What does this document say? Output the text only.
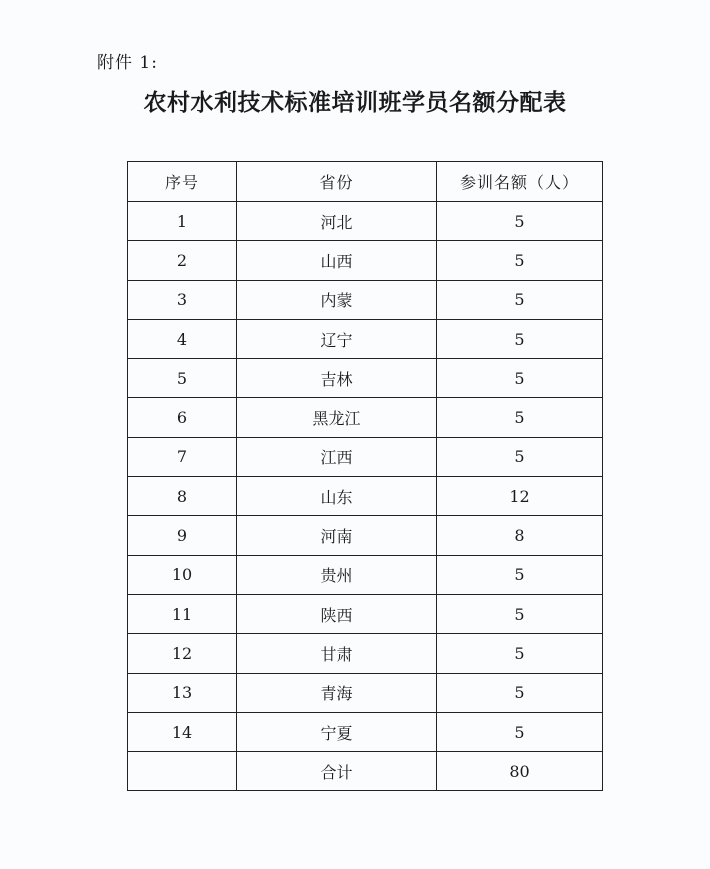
附件 1:
农村水利技术标准培训班学员名额分配表
序号	省份	参训名额（人）
1	河北	5
2	山西	5
3	内蒙	5
4	辽宁	5
5	吉林	5
6	黑龙江	5
7	江西	5
8	山东	12
9	河南	8
10	贵州	5
11	陕西	5
12	甘肃	5
13	青海	5
14	宁夏	5
	合计	80
